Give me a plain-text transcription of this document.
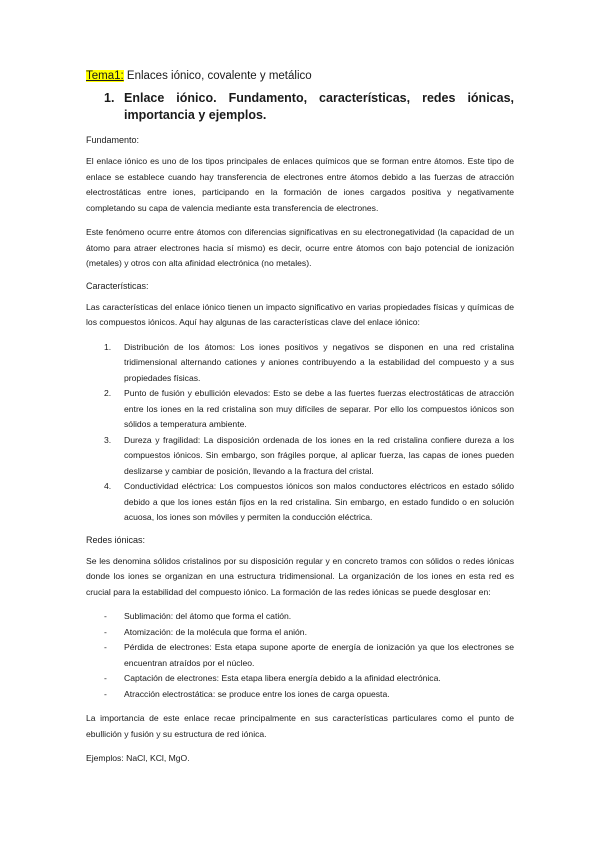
Tema1: Enlaces iónico, covalente y metálico
1. Enlace iónico. Fundamento, características, redes iónicas, importancia y ejemplos.
Fundamento:

El enlace iónico es uno de los tipos principales de enlaces químicos que se forman entre átomos. Este tipo de enlace se establece cuando hay transferencia de electrones entre átomos debido a las fuerzas de atracción electrostáticas entre iones, participando en la formación de iones cargados positiva y negativamente completando su capa de valencia mediante esta transferencia de electrones.

Este fenómeno ocurre entre átomos con diferencias significativas en su electronegatividad (la capacidad de un átomo para atraer electrones hacia sí mismo) es decir, ocurre entre átomos con bajo potencial de ionización (metales) y otros con alta afinidad electrónica (no metales).

Características:

Las características del enlace iónico tienen un impacto significativo en varias propiedades físicas y químicas de los compuestos iónicos. Aquí hay algunas de las características clave del enlace iónico:

1.	Distribución de los átomos: Los iones positivos y negativos se disponen en una red cristalina tridimensional alternando cationes y aniones contribuyendo a la estabilidad del compuesto y a sus propiedades físicas.
2.	Punto de fusión y ebullición elevados: Esto se debe a las fuertes fuerzas electrostáticas de atracción entre los iones en la red cristalina son muy difíciles de separar. Por ello los compuestos iónicos son sólidos a temperatura ambiente.
3.	Dureza y fragilidad: La disposición ordenada de los iones en la red cristalina confiere dureza a los compuestos iónicos. Sin embargo, son frágiles porque, al aplicar fuerza, las capas de iones pueden deslizarse y cambiar de posición, llevando a la fractura del cristal.
4.	Conductividad eléctrica: Los compuestos iónicos son malos conductores eléctricos en estado sólido debido a que los iones están fijos en la red cristalina. Sin embargo, en estado fundido o en solución acuosa, los iones son móviles y permiten la conducción eléctrica.
Redes iónicas:

Se les denomina sólidos cristalinos por su disposición regular y en concreto tramos con sólidos o redes iónicas donde los iones se organizan en una estructura tridimensional. La organización de los iones en esta red es crucial para la estabilidad del compuesto iónico. La formación de las redes iónicas se puede desglosar en:

-	Sublimación: del átomo que forma el catión.
-	Atomización: de la molécula que forma el anión.
-	Pérdida de electrones: Esta etapa supone aporte de energía de ionización ya que los electrones se encuentran atraídos por el núcleo.
-	Captación de electrones: Esta etapa libera energía debido a la afinidad electrónica.
-	Atracción electrostática: se produce entre los iones de carga opuesta.

La importancia de este enlace recae principalmente en sus características particulares como el punto de ebullición y fusión y su estructura de red iónica.

Ejemplos: NaCl, KCl, MgO.
